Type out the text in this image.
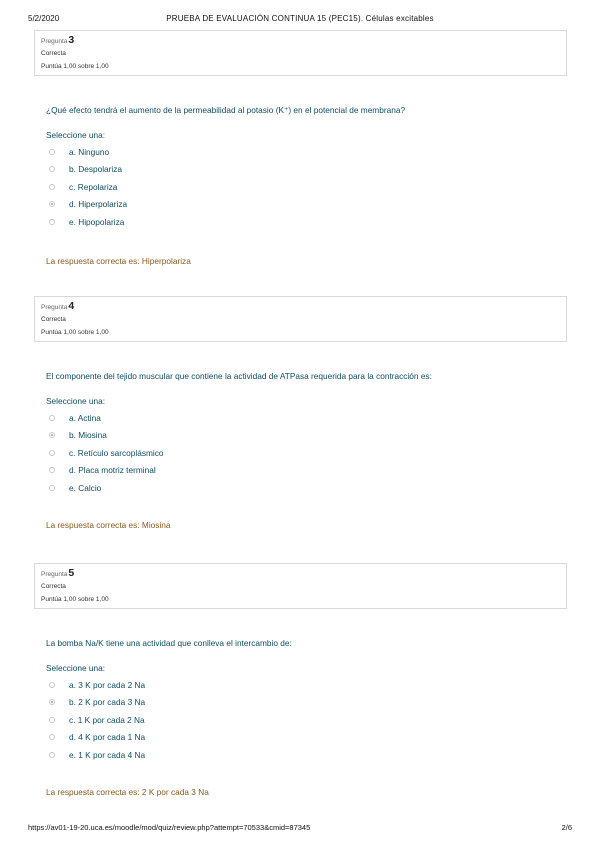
5/2/2020	PRUEBA DE EVALUACIÓN CONTINUA 15 (PEC15). Células excitables
Pregunta3
Correcta
Puntúa 1,00 sobre 1,00
¿Qué efecto tendrá el aumento de la permeabilidad al potasio (K⁺) en el potencial de membrana?
Seleccione una:
a. Ninguno
b. Despolariza
c. Repolariza
d. Hiperpolariza
e. Hipopolariza
La respuesta correcta es: Hiperpolariza
Pregunta4
Correcta
Puntúa 1,00 sobre 1,00
El componente del tejido muscular que contiene la actividad de ATPasa requerida para la contracción es:
Seleccione una:
a. Actina
b. Miosina
c. Retículo sarcoplásmico
d. Placa motriz terminal
e. Calcio
La respuesta correcta es: Miosina
Pregunta5
Correcta
Puntúa 1,00 sobre 1,00
La bomba Na/K tiene una actividad que conlleva el intercambio de:
Seleccione una:
a. 3 K por cada 2 Na
b. 2 K por cada 3 Na
c. 1 K por cada 2 Na
d. 4 K por cada 1 Na
e. 1 K por cada 4 Na
La respuesta correcta es: 2 K por cada 3 Na
https://av01-19-20.uca.es/moodle/mod/quiz/review.php?attempt=70533&cmid=87345	2/6
